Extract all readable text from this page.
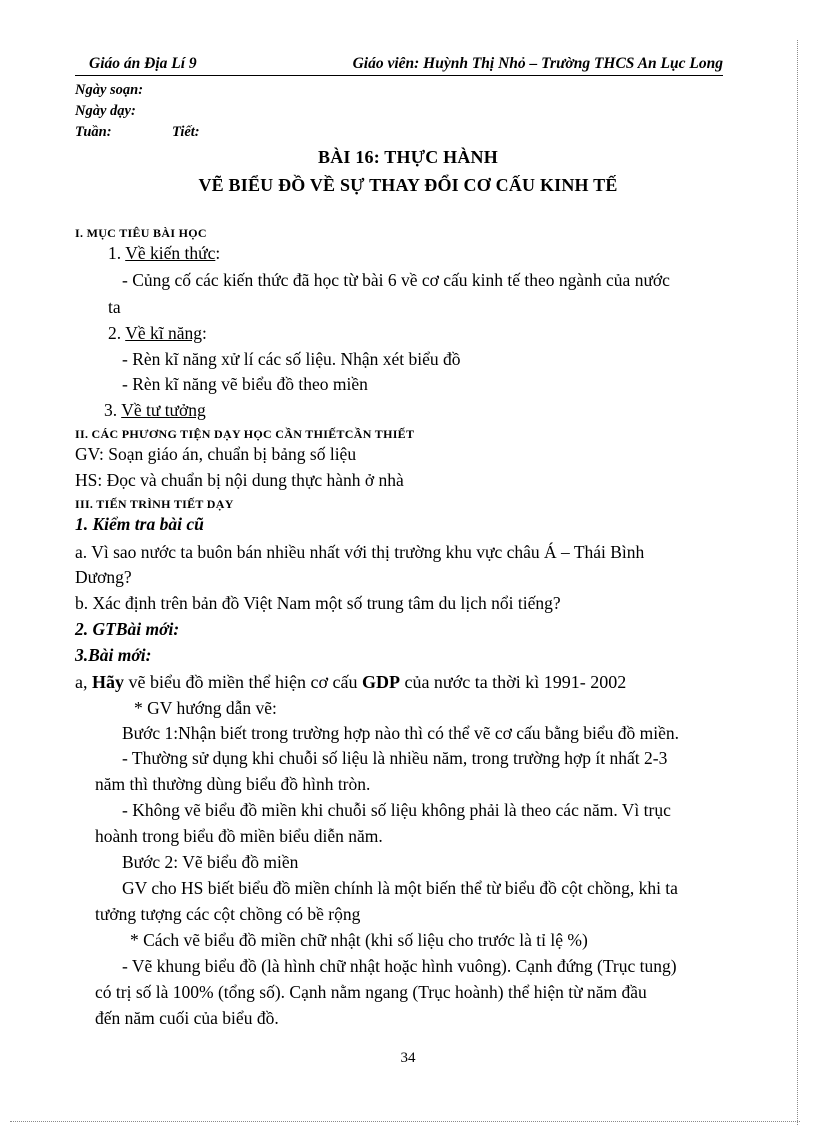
Giáo án Địa Lí 9	Giáo viên: Huỳnh Thị Nhỏ – Trường THCS An Lục Long
Ngày soạn:
Ngày dạy:
Tuần:	Tiết:
BÀI 16: THỰC HÀNH
VẼ BIỂU ĐỒ VỀ SỰ THAY ĐỔI CƠ CẤU KINH TẾ
I. MỤC TIÊU BÀI HỌC
1. Về kiến thức:
- Củng cố các kiến thức đã học từ bài 6 về cơ cấu kinh tế theo ngành của nước
ta
2. Về kĩ năng:
- Rèn kĩ năng xử lí các số liệu. Nhận xét biểu đồ
- Rèn kĩ năng vẽ biểu đồ theo miền
3. Về tư tưởng
II. CÁC PHƯƠNG TIỆN DẠY HỌC CẦN THIẾTCẦN THIẾT
GV: Soạn giáo án, chuẩn bị bảng số liệu
HS: Đọc và chuẩn bị nội dung thực hành ở nhà
III. TIẾN TRÌNH TIẾT DẠY
1. Kiểm tra bài cũ
a. Vì sao nước ta buôn bán nhiều nhất với thị trường khu vực châu Á – Thái Bình
Dương?
b. Xác định trên bản đồ Việt Nam một số trung tâm du lịch nổi tiếng?
2. GTBài mới:
3.Bài mới:
a, Hãy vẽ biểu đồ miền thể hiện cơ cấu GDP của nước ta thời kì 1991- 2002
* GV hướng dẫn vẽ:
Bước 1:Nhận biết trong trường hợp nào thì có thể vẽ cơ cấu bằng biểu đồ miền.
- Thường sử dụng khi chuỗi số liệu là nhiều năm, trong trường hợp ít nhất 2-3
năm thì thường dùng biểu đồ hình tròn.
- Không vẽ biểu đồ miền khi chuỗi số liệu không phải là theo các năm. Vì trục
hoành trong biểu đồ miền biểu diễn năm.
Bước 2: Vẽ biểu đồ miền
GV cho HS biết biểu đồ miền chính là một biến thể từ biểu đồ cột chồng, khi ta
tưởng tượng các cột chồng có bề rộng
* Cách vẽ biểu đồ miền chữ nhật (khi số liệu cho trước là tỉ lệ %)
- Vẽ khung biểu đồ (là hình chữ nhật hoặc hình vuông). Cạnh đứng (Trục tung)
có trị số là 100% (tổng số). Cạnh nằm ngang (Trục hoành) thể hiện từ năm đầu
đến năm cuối của biểu đồ.
34
